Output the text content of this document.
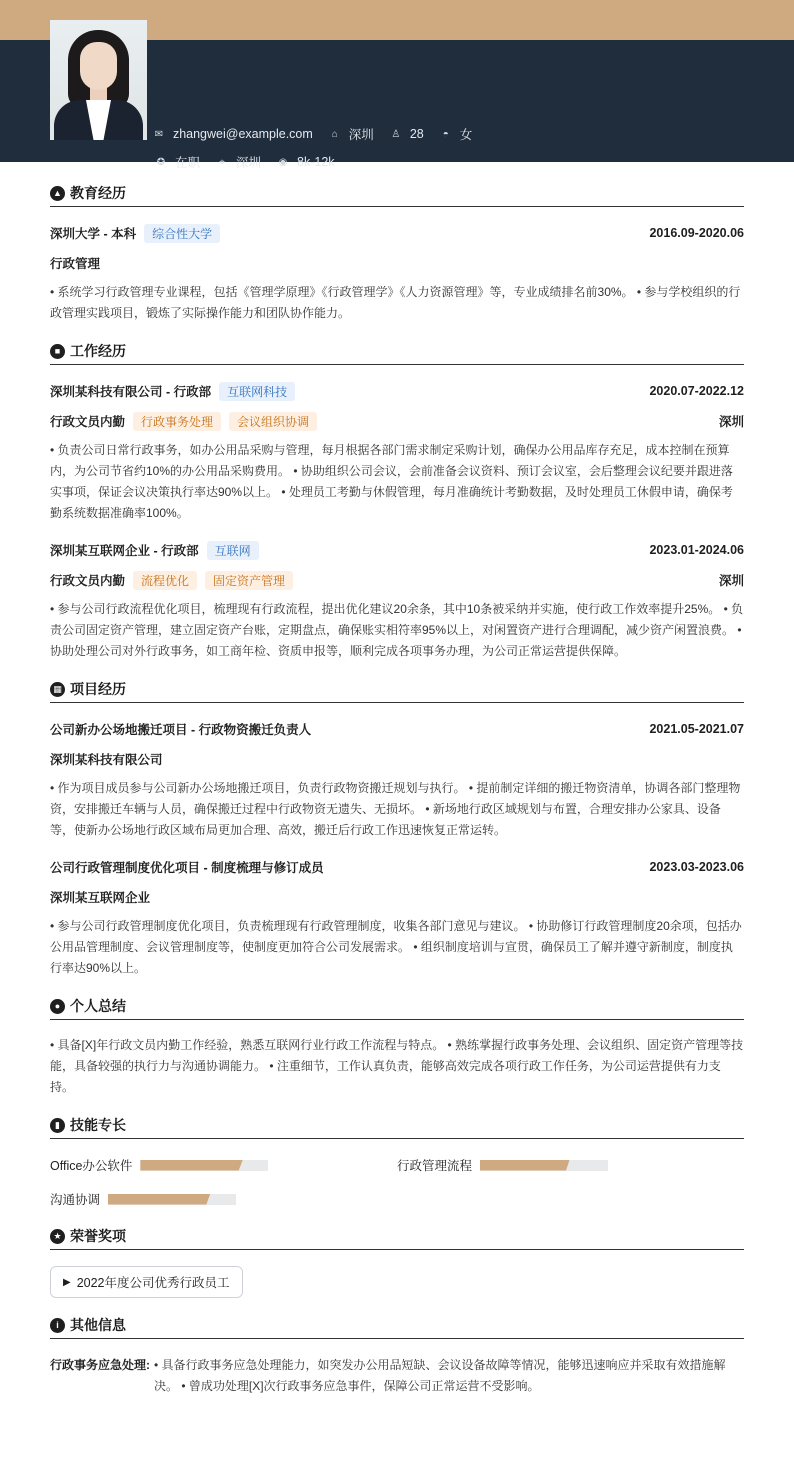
✉ zhangwei@example.com ⌂ 深圳 ♙ 28 ◓ 女
✪ 在职	⌖ 深圳 ◉ 8k-12k
▲ 教育经历
深圳大学 - 本科	综合性大学	2016.09-2020.06
行政管理
• 系统学习行政管理专业课程，包括《管理学原理》《行政管理学》《人力资源管理》等，专业成绩排名前30%。 • 参与学校组织的行政管理实践项目，锻炼了实际操作能力和团队协作能力。
■ 工作经历
深圳某科技有限公司 - 行政部	互联网科技	2020.07-2022.12
行政文员内勤	行政事务处理	会议组织协调	深圳
• 负责公司日常行政事务，如办公用品采购与管理，每月根据各部门需求制定采购计划，确保办公用品库存充足，成本控制在预算内，为公司节省约10%的办公用品采购费用。 • 协助组织公司会议，会前准备会议资料、预订会议室，会后整理会议纪要并跟进落实事项，保证会议决策执行率达90%以上。 • 处理员工考勤与休假管理，每月准确统计考勤数据，及时处理员工休假申请，确保考勤系统数据准确率100%。
深圳某互联网企业 - 行政部	互联网	2023.01-2024.06
行政文员内勤	流程优化	固定资产管理	深圳
• 参与公司行政流程优化项目，梳理现有行政流程，提出优化建议20余条，其中10条被采纳并实施，使行政工作效率提升25%。 • 负责公司固定资产管理，建立固定资产台账，定期盘点，确保账实相符率95%以上，对闲置资产进行合理调配，减少资产闲置浪费。 • 协助处理公司对外行政事务，如工商年检、资质申报等，顺利完成各项事务办理，为公司正常运营提供保障。
▦ 项目经历
公司新办公场地搬迁项目 - 行政物资搬迁负责人	2021.05-2021.07
深圳某科技有限公司
• 作为项目成员参与公司新办公场地搬迁项目，负责行政物资搬迁规划与执行。 • 提前制定详细的搬迁物资清单，协调各部门整理物资，安排搬迁车辆与人员，确保搬迁过程中行政物资无遗失、无损坏。 • 新场地行政区域规划与布置，合理安排办公家具、设备等，使新办公场地行政区域布局更加合理、高效，搬迁后行政工作迅速恢复正常运转。
公司行政管理制度优化项目 - 制度梳理与修订成员	2023.03-2023.06
深圳某互联网企业
• 参与公司行政管理制度优化项目，负责梳理现有行政管理制度，收集各部门意见与建议。 • 协助修订行政管理制度20余项，包括办公用品管理制度、会议管理制度等，使制度更加符合公司发展需求。 • 组织制度培训与宣贯，确保员工了解并遵守新制度，制度执行率达90%以上。
● 个人总结
• 具备[X]年行政文员内勤工作经验，熟悉互联网行业行政工作流程与特点。 • 熟练掌握行政事务处理、会议组织、固定资产管理等技能，具备较强的执行力与沟通协调能力。 • 注重细节，工作认真负责，能够高效完成各项行政工作任务，为公司运营提供有力支持。
▮ 技能专长
Office办公软件	行政管理流程
沟通协调
★ 荣誉奖项
▶ 2022年度公司优秀行政员工
i 其他信息
行政事务应急处理: • 具备行政事务应急处理能力，如突发办公用品短缺、会议设备故障等情况，能够迅速响应并采取有效措施解决。 • 曾成功处理[X]次行政事务应急事件，保障公司正常运营不受影响。
